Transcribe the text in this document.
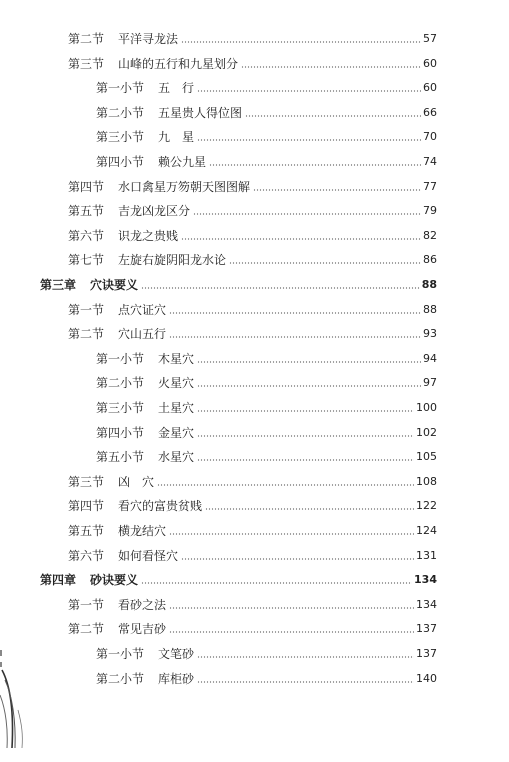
第二节 平洋寻龙法	57
第三节 山峰的五行和九星划分	60
第一小节 五　行	60
第二小节 五星贵人得位图	66
第三小节 九　星	70
第四小节 赖公九星	74
第四节 水口禽星万笏朝天图图解	77
第五节 吉龙凶龙区分	79
第六节 识龙之贵贱	82
第七节 左旋右旋阴阳龙水论	86
第三章 穴诀要义	88
第一节 点穴证穴	88
第二节 穴山五行	93
第一小节 木星穴	94
第二小节 火星穴	97
第三小节 土星穴	100
第四小节 金星穴	102
第五小节 水星穴	105
第三节 凶　穴	108
第四节 看穴的富贵贫贱	122
第五节 横龙结穴	124
第六节 如何看怪穴	131
第四章 砂诀要义	134
第一节 看砂之法	134
第二节 常见吉砂	137
第一小节 文笔砂	137
第二小节 库柜砂	140
